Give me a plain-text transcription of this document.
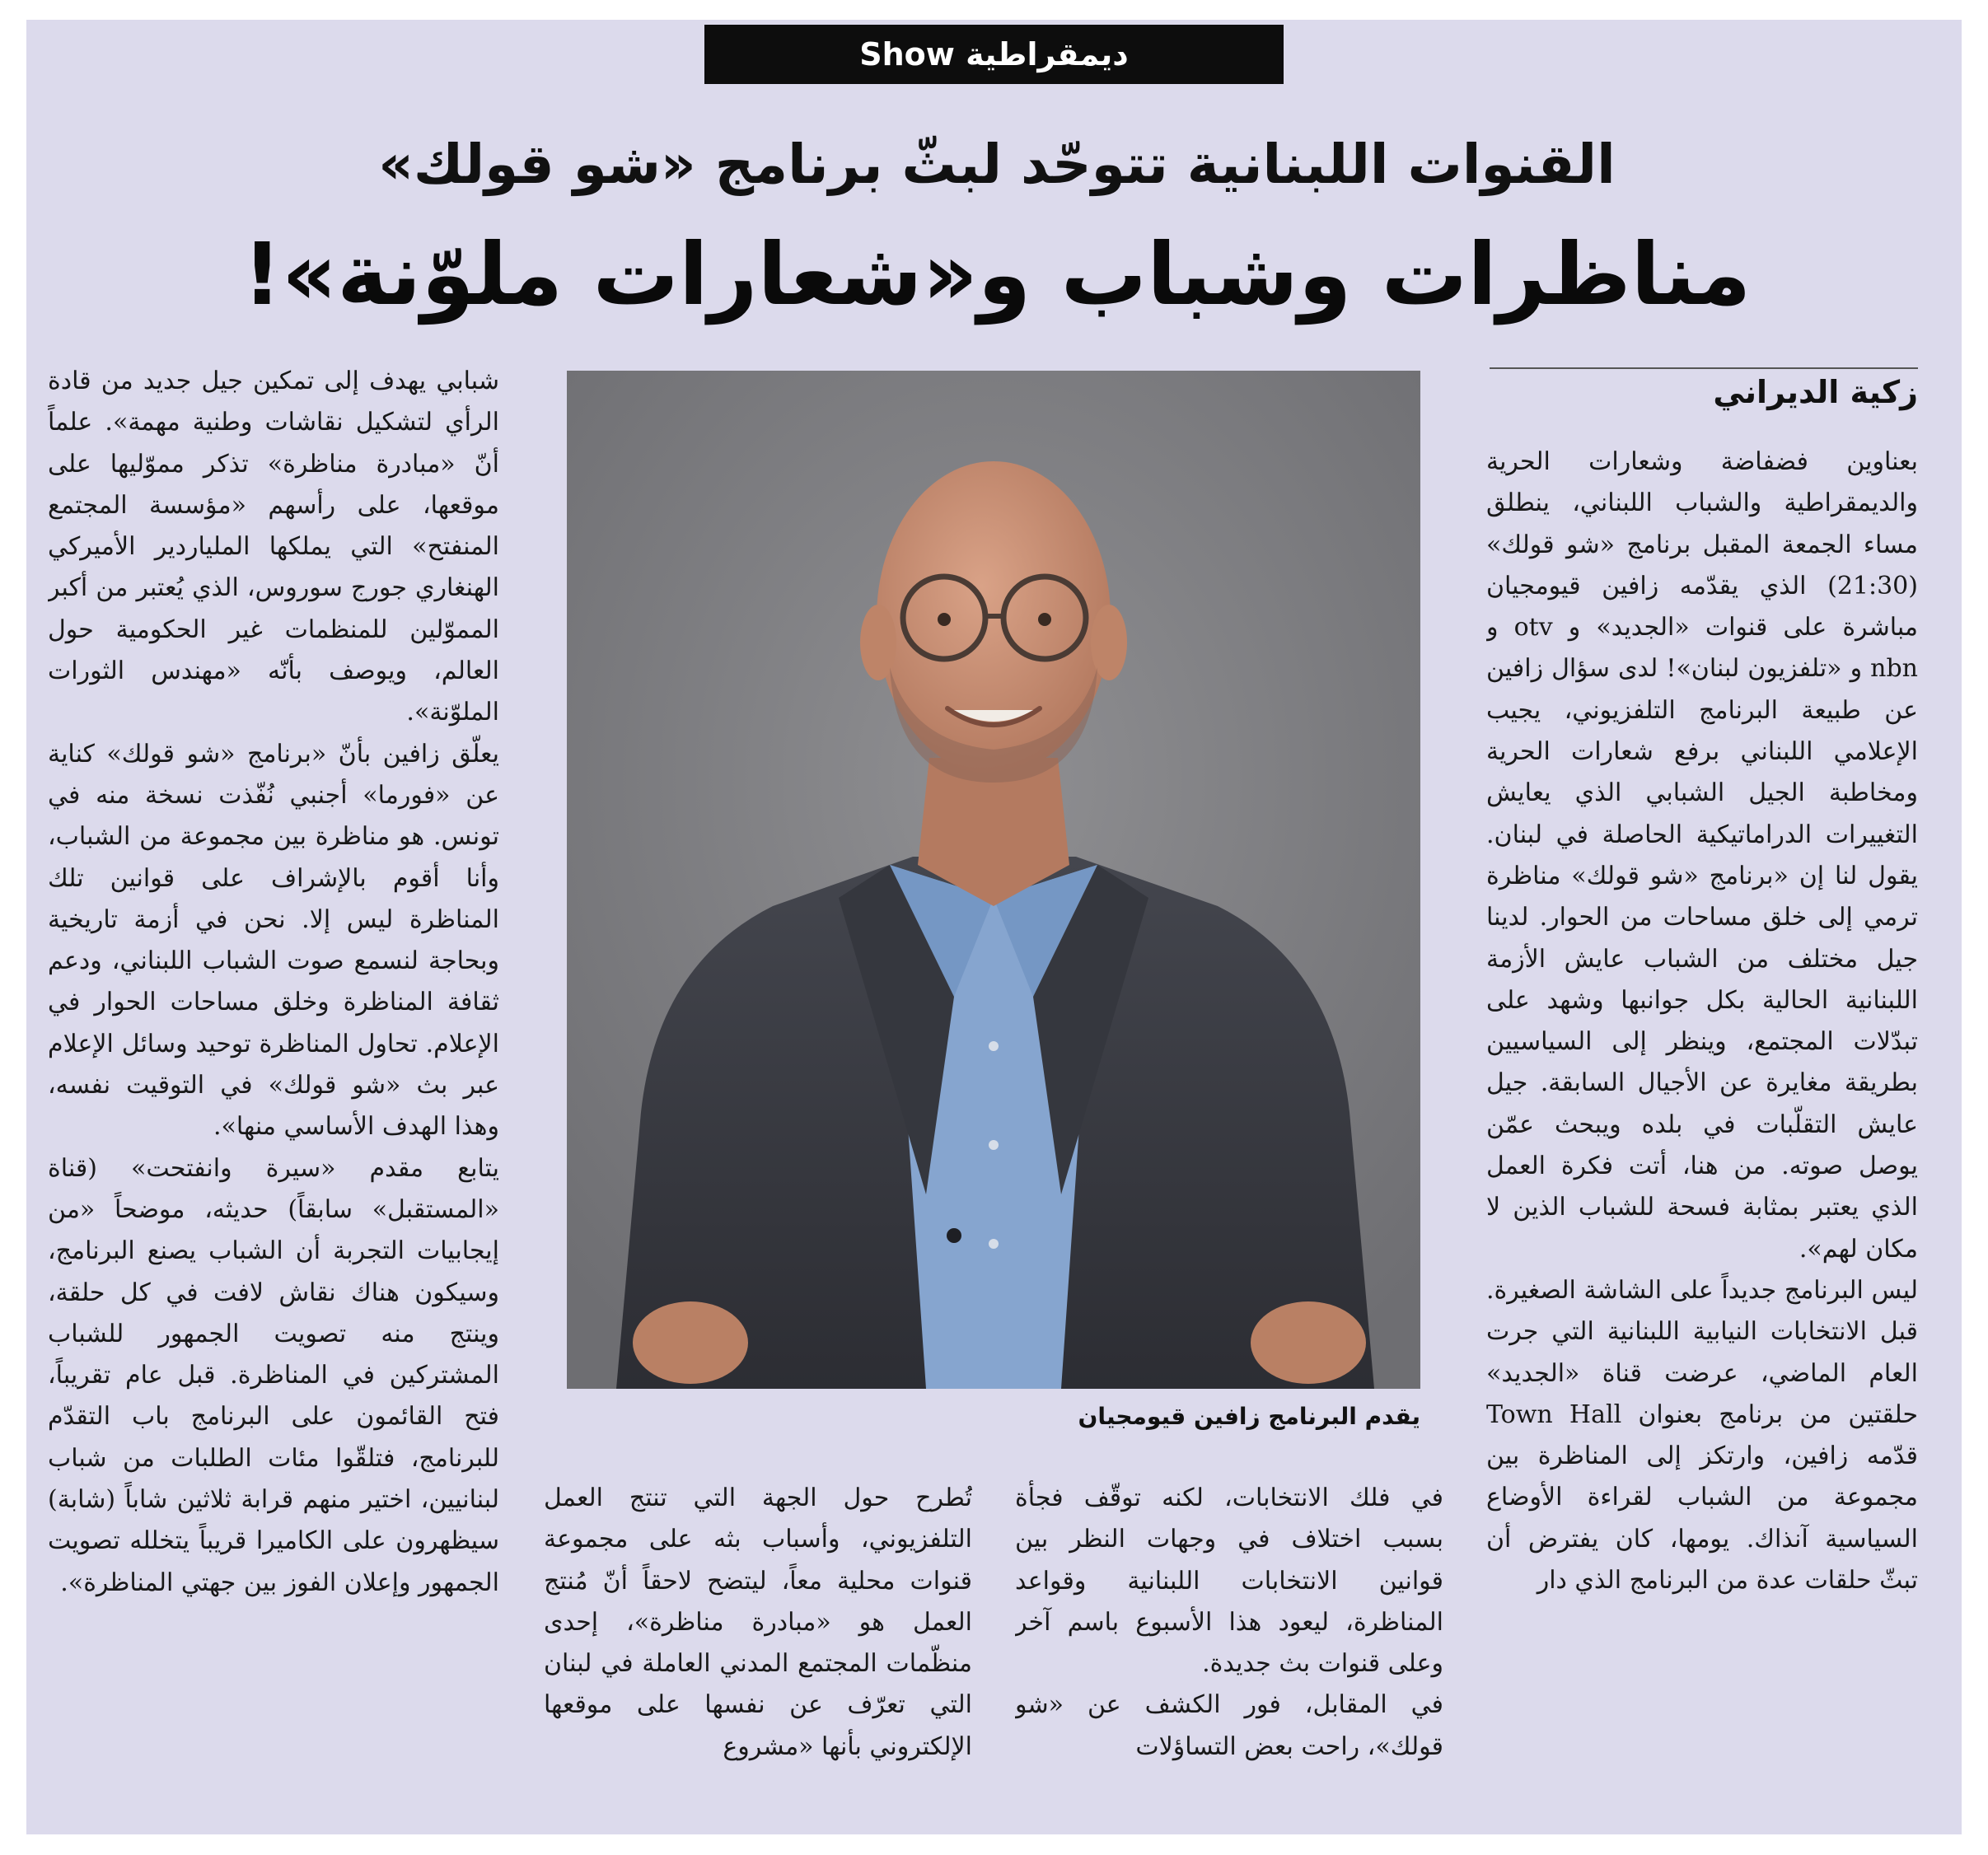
ديمقراطية Show
القنوات اللبنانية تتوحّد لبثّ برنامج «شو قولك»
مناظرات وشباب و«شعارات ملوّنة»!
زكية الديراني

بعناوين فضفاضة وشعارات الحرية والديمقراطية والشباب اللبناني، ينطلق مساء الجمعة المقبل برنامج «شو قولك» (21:30) الذي يقدّمه زافين قيومجيان مباشرة على قنوات «الجديد» و otv و nbn و «تلفزيون لبنان»! لدى سؤال زافين عن طبيعة البرنامج التلفزيوني، يجيب الإعلامي اللبناني برفع شعارات الحرية ومخاطبة الجيل الشبابي الذي يعايش التغييرات الدراماتيكية الحاصلة في لبنان. يقول لنا إن «برنامج «شو قولك» مناظرة ترمي إلى خلق مساحات من الحوار. لدينا جيل مختلف من الشباب عايش الأزمة اللبنانية الحالية بكل جوانبها وشهد على تبدّلات المجتمع، وينظر إلى السياسيين بطريقة مغايرة عن الأجيال السابقة. جيل عايش التقلّبات في بلده ويبحث عمّن يوصل صوته. من هنا، أتت فكرة العمل الذي يعتبر بمثابة فسحة للشباب الذين لا مكان لهم».

ليس البرنامج جديداً على الشاشة الصغيرة. قبل الانتخابات النيابية اللبنانية التي جرت العام الماضي، عرضت قناة «الجديد» حلقتين من برنامج بعنوان Town Hall قدّمه زافين، وارتكز إلى المناظرة بين مجموعة من الشباب لقراءة الأوضاع السياسية آنذاك. يومها، كان يفترض أن تبثّ حلقات عدة من البرنامج الذي دار

يقدم البرنامج زافين قيومجيان

في فلك الانتخابات، لكنه توقّف فجأة بسبب اختلاف في وجهات النظر بين قوانين الانتخابات اللبنانية وقواعد المناظرة، ليعود هذا الأسبوع باسم آخر وعلى قنوات بث جديدة.

في المقابل، فور الكشف عن «شو قولك»، راحت بعض التساؤلات

تُطرح حول الجهة التي تنتج العمل التلفزيوني، وأسباب بثه على مجموعة قنوات محلية معاً، ليتضح لاحقاً أنّ مُنتج العمل هو «مبادرة مناظرة»، إحدى منظّمات المجتمع المدني العاملة في لبنان التي تعرّف عن نفسها على موقعها الإلكتروني بأنها «مشروع

شبابي يهدف إلى تمكين جيل جديد من قادة الرأي لتشكيل نقاشات وطنية مهمة». علماً أنّ «مبادرة مناظرة» تذكر مموّليها على موقعها، على رأسهم «مؤسسة المجتمع المنفتح» التي يملكها الملياردير الأميركي الهنغاري جورج سوروس، الذي يُعتبر من أكبر المموّلين للمنظمات غير الحكومية حول العالم، ويوصف بأنّه «مهندس الثورات الملوّنة».

يعلّق زافين بأنّ «برنامج «شو قولك» كناية عن «فورما» أجنبي نُفّذت نسخة منه في تونس. هو مناظرة بين مجموعة من الشباب، وأنا أقوم بالإشراف على قوانين تلك المناظرة ليس إلا. نحن في أزمة تاريخية وبحاجة لنسمع صوت الشباب اللبناني، ودعم ثقافة المناظرة وخلق مساحات الحوار في الإعلام. تحاول المناظرة توحيد وسائل الإعلام عبر بث «شو قولك» في التوقيت نفسه، وهذا الهدف الأساسي منها».

يتابع مقدم «سيرة وانفتحت» (قناة «المستقبل» سابقاً) حديثه، موضحاً «من إيجابيات التجربة أن الشباب يصنع البرنامج، وسيكون هناك نقاش لافت في كل حلقة، وينتج منه تصويت الجمهور للشباب المشتركين في المناظرة. قبل عام تقريباً، فتح القائمون على البرنامج باب التقدّم للبرنامج، فتلقّوا مئات الطلبات من شباب لبنانيين، اختير منهم قرابة ثلاثين شاباً (شابة) سيظهرون على الكاميرا قريباً يتخلله تصويت الجمهور وإعلان الفوز بين جهتي المناظرة».
